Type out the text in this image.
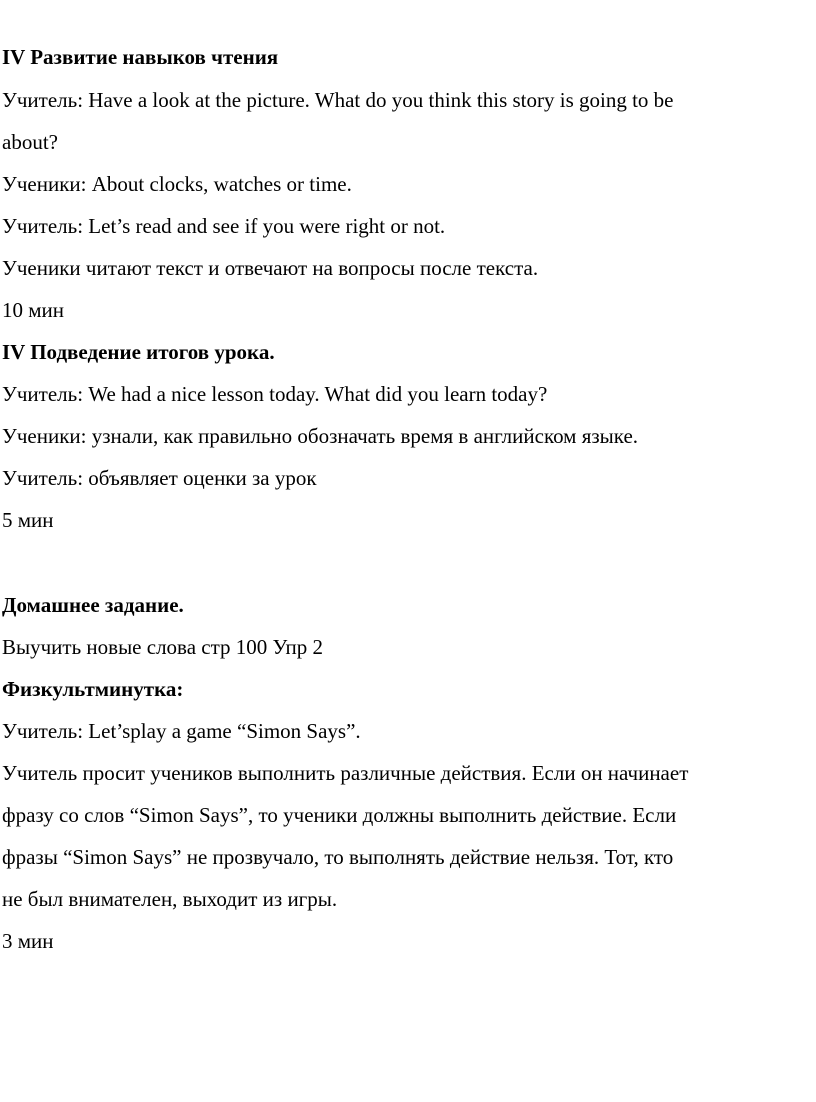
IV Развитие навыков чтения
Учитель: Have a look at the picture. What do you think this story is going to be
about?
Ученики: About clocks, watches or time.
Учитель: Let’s read and see if you were right or not.
Ученики читают текст и отвечают на вопросы после текста.
10 мин
IV Подведение итогов урока.
Учитель: We had a nice lesson today. What did you learn today?
Ученики: узнали, как правильно обозначать время в английском языке.
Учитель: объявляет оценки за урок
5 мин
Домашнее задание.
Выучить новые слова стр 100 Упр 2
Физкультминутка:
Учитель: Let’splay a game “Simon Says”.
Учитель просит учеников выполнить различные действия. Если он начинает
фразу со слов “Simon Says”, то ученики должны выполнить действие. Если
фразы “Simon Says” не прозвучало, то выполнять действие нельзя. Тот, кто
не был внимателен, выходит из игры.
3 мин
